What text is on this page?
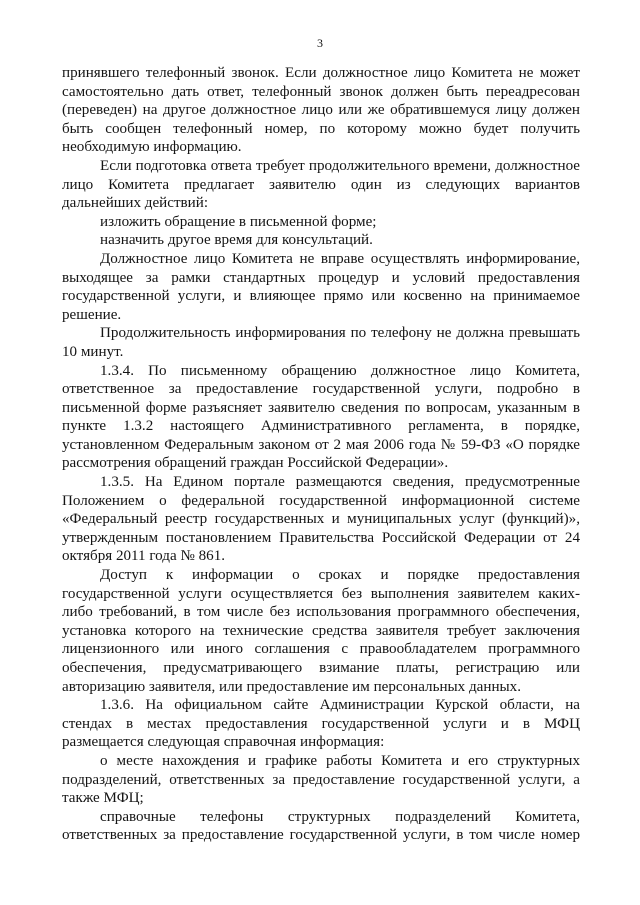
3

принявшего телефонный звонок. Если должностное лицо Комитета не может самостоятельно дать ответ, телефонный звонок должен быть переадресован (переведен) на другое должностное лицо или же обратившемуся лицу должен быть сообщен телефонный номер, по которому можно будет получить необходимую информацию.

Если подготовка ответа требует продолжительного времени, должностное лицо Комитета предлагает заявителю один из следующих вариантов дальнейших действий:

изложить обращение в письменной форме;

назначить другое время для консультаций.

Должностное лицо Комитета не вправе осуществлять информирование, выходящее за рамки стандартных процедур и условий предоставления государственной услуги, и влияющее прямо или косвенно на принимаемое решение.

Продолжительность информирования по телефону не должна превышать 10 минут.

1.3.4. По письменному обращению должностное лицо Комитета, ответственное за предоставление государственной услуги, подробно в письменной форме разъясняет заявителю сведения по вопросам, указанным в пункте 1.3.2 настоящего Административного регламента, в порядке, установленном Федеральным законом от 2 мая 2006 года № 59-ФЗ «О порядке рассмотрения обращений граждан Российской Федерации».

1.3.5. На Едином портале размещаются сведения, предусмотренные Положением о федеральной государственной информационной системе «Федеральный реестр государственных и муниципальных услуг (функций)», утвержденным постановлением Правительства Российской Федерации от 24 октября 2011 года № 861.

Доступ к информации о сроках и порядке предоставления государственной услуги осуществляется без выполнения заявителем каких-либо требований, в том числе без использования программного обеспечения, установка которого на технические средства заявителя требует заключения лицензионного или иного соглашения с правообладателем программного обеспечения, предусматривающего взимание платы, регистрацию или авторизацию заявителя, или предоставление им персональных данных.

1.3.6. На официальном сайте Администрации Курской области, на стендах в местах предоставления государственной услуги и в МФЦ размещается следующая справочная информация:

о месте нахождения и графике работы Комитета и его структурных подразделений, ответственных за предоставление государственной услуги, а также МФЦ;

справочные телефоны структурных подразделений Комитета, ответственных за предоставление государственной услуги, в том числе номер
